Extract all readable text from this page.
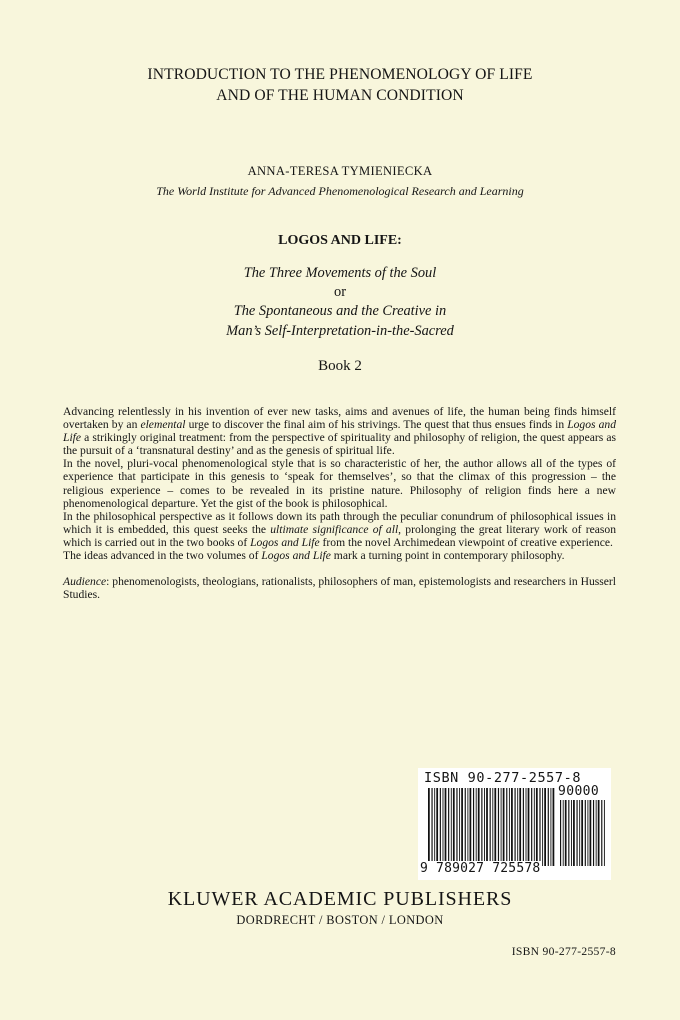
INTRODUCTION TO THE PHENOMENOLOGY OF LIFE
AND OF THE HUMAN CONDITION
ANNA-TERESA TYMIENIECKA
The World Institute for Advanced Phenomenological Research and Learning
LOGOS AND LIFE:
The Three Movements of the Soul
or
The Spontaneous and the Creative in
Man’s Self-Interpretation-in-the-Sacred
Book 2

Advancing relentlessly in his invention of ever new tasks, aims and avenues of life, the human being finds himself overtaken by an elemental urge to discover the final aim of his strivings. The quest that thus ensues finds in Logos and Life a strikingly original treatment: from the perspective of spirituality and philosophy of religion, the quest appears as the pursuit of a ‘transnatural destiny’ and as the genesis of spiritual life.

In the novel, pluri-vocal phenomenological style that is so characteristic of her, the author allows all of the types of experience that participate in this genesis to ‘speak for themselves’, so that the climax of this progression – the religious experience – comes to be revealed in its pristine nature. Philosophy of religion finds here a new phenomenological departure. Yet the gist of the book is philosophical.

In the philosophical perspective as it follows down its path through the peculiar conundrum of philosophical issues in which it is embedded, this quest seeks the ultimate significance of all, prolonging the great literary work of reason which is carried out in the two books of Logos and Life from the novel Archimedean viewpoint of creative experience.

The ideas advanced in the two volumes of Logos and Life mark a turning point in contemporary philosophy.

Audience: phenomenologists, theologians, rationalists, philosophers of man, epistemologists and researchers in Husserl Studies.

ISBN 90-277-2557-8
90000
9 789027 725578
KLUWER ACADEMIC PUBLISHERS
DORDRECHT / BOSTON / LONDON
ISBN 90-277-2557-8
